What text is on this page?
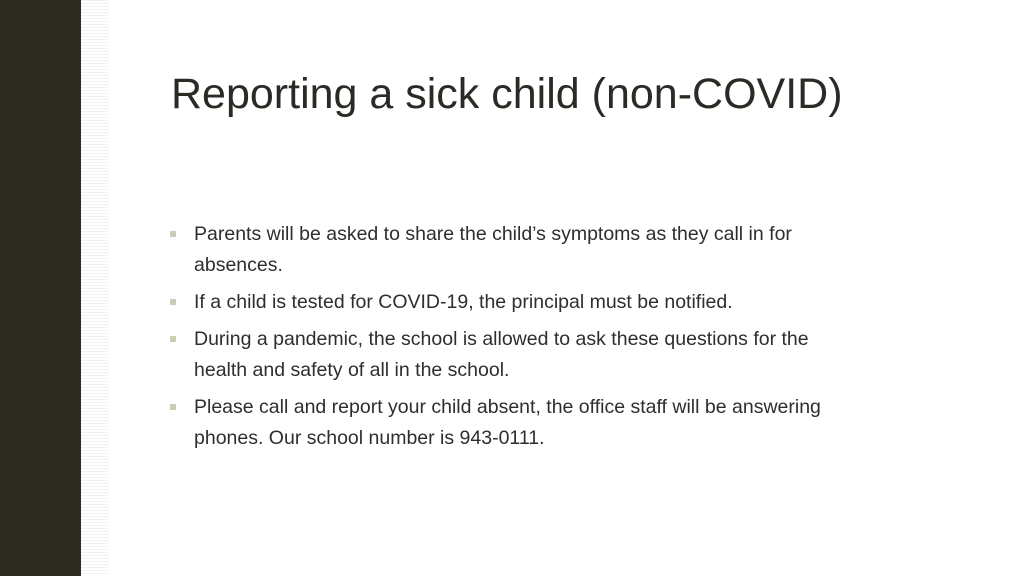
Reporting a sick child (non-COVID)
Parents will be asked to share the child’s symptoms as they call in for absences.
If a child is tested for COVID-19, the principal must be notified.
During a pandemic, the school is allowed to ask these questions for the health and safety of all in the school.
Please call and report your child absent, the office staff will be answering phones. Our school number is 943-0111.
